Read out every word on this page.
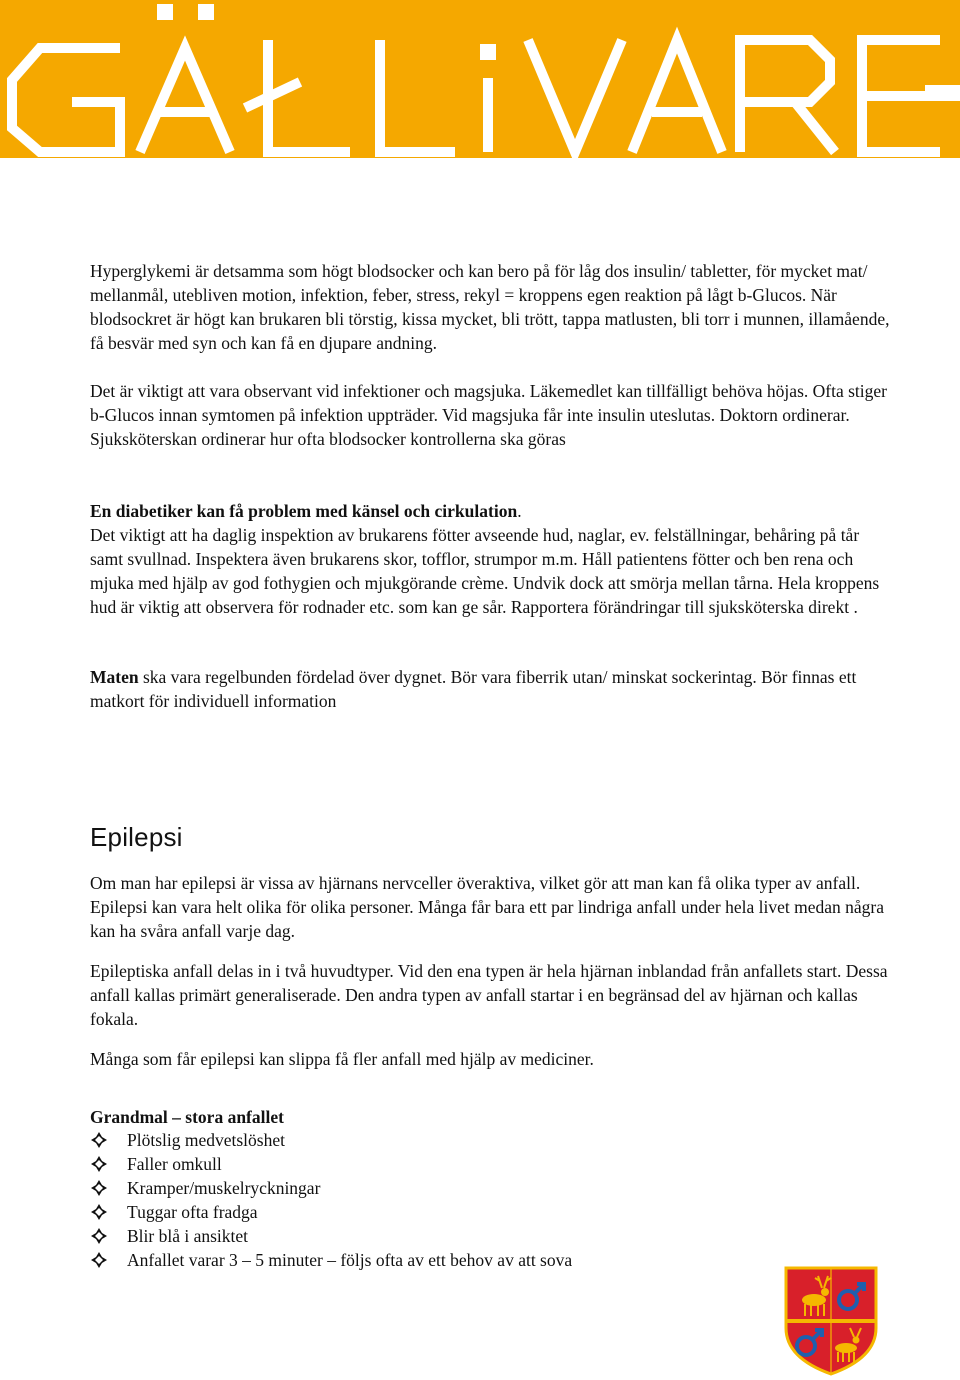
Hyperglykemi är detsamma som högt blodsocker och kan bero på för låg dos insulin/ tabletter, för mycket mat/ mellanmål, utebliven motion, infektion, feber, stress, rekyl = kroppens egen reaktion på lågt b-Glucos. När blodsockret är högt kan brukaren bli törstig, kissa mycket, bli trött, tappa matlusten, bli torr i munnen, illamående, få besvär med syn och kan få en djupare andning.

Det är viktigt att vara observant vid infektioner och magsjuka. Läkemedlet kan tillfälligt behöva höjas. Ofta stiger b-Glucos innan symtomen på infektion uppträder. Vid magsjuka får inte insulin uteslutas. Doktorn ordinerar. Sjuksköterskan ordinerar hur ofta blodsocker kontrollerna ska göras

En diabetiker kan få problem med känsel och cirkulation.
Det viktigt att ha daglig inspektion av brukarens fötter avseende hud, naglar, ev. felställningar, behåring på tår samt svullnad. Inspektera även brukarens skor, tofflor, strumpor m.m. Håll patientens fötter och ben rena och mjuka med hjälp av god fothygien och mjukgörande crème. Undvik dock att smörja mellan tårna. Hela kroppens hud är viktig att observera för rodnader etc. som kan ge sår. Rapportera förändringar till sjuksköterska direkt .

Maten ska vara regelbunden fördelad över dygnet. Bör vara fiberrik utan/ minskat sockerintag. Bör finnas ett matkort för individuell information

Epilepsi

Om man har epilepsi är vissa av hjärnans nervceller överaktiva, vilket gör att man kan få olika typer av anfall. Epilepsi kan vara helt olika för olika personer. Många får bara ett par lindriga anfall under hela livet medan några kan ha svåra anfall varje dag.

Epileptiska anfall delas in i två huvudtyper. Vid den ena typen är hela hjärnan inblandad från anfallets start. Dessa anfall kallas primärt generaliserade. Den andra typen av anfall startar i en begränsad del av hjärnan och kallas fokala.

Många som får epilepsi kan slippa få fler anfall med hjälp av mediciner.

Grandmal – stora anfallet

Plötslig medvetslöshet
Faller omkull
Kramper/muskelryckningar
Tuggar ofta fradga
Blir blå i ansiktet
Anfallet varar 3 – 5 minuter – följs ofta av ett behov av att sova
